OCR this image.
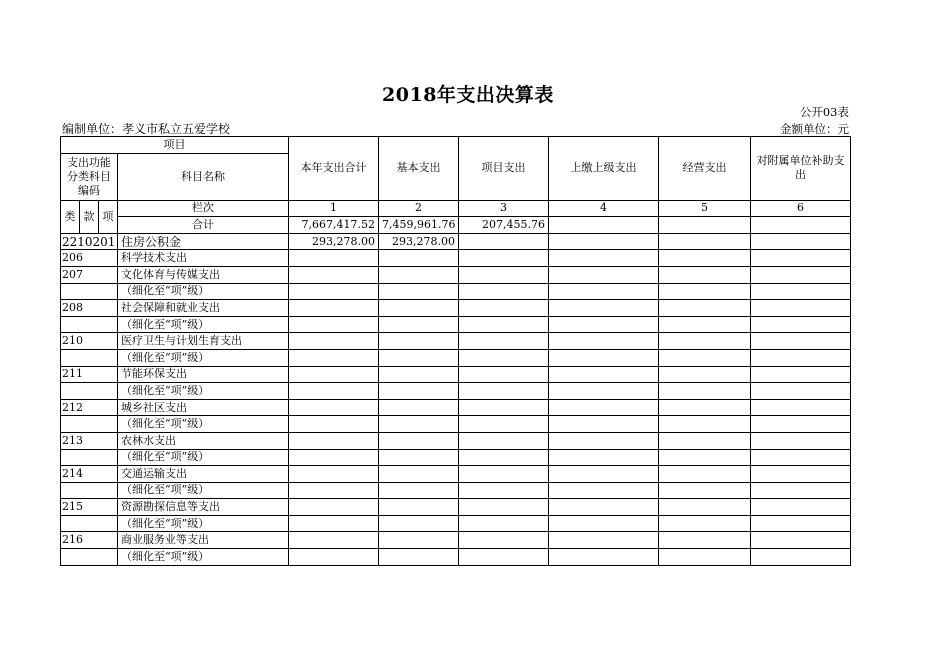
2018年支出决算表
公开03表
编制单位：孝义市私立五爱学校	金额单位：元
项目				本年支出合计	基本支出	项目支出	上缴上级支出	经营支出	对附属单位补助支出
支出功能分类科目编码			科目名称						

类	款	项	栏次	1	2	3	4	5	6
			合计	7,667,417.52	7,459,961.76	207,455.76			
2210201			住房公积金	293,278.00	293,278.00				
206			科学技术支出						
207			文化体育与传媒支出						
			（细化至“项”级）						
208			社会保障和就业支出						
			（细化至“项”级）						
210			医疗卫生与计划生育支出						
			（细化至“项”级）						
211			节能环保支出						
			（细化至“项”级）						
212			城乡社区支出						
			（细化至“项”级）						
213			农林水支出						
			（细化至“项”级）						
214			交通运输支出						
			（细化至“项”级）						
215			资源勘探信息等支出						
			（细化至“项”级）						
216			商业服务业等支出						
			（细化至“项”级）						
